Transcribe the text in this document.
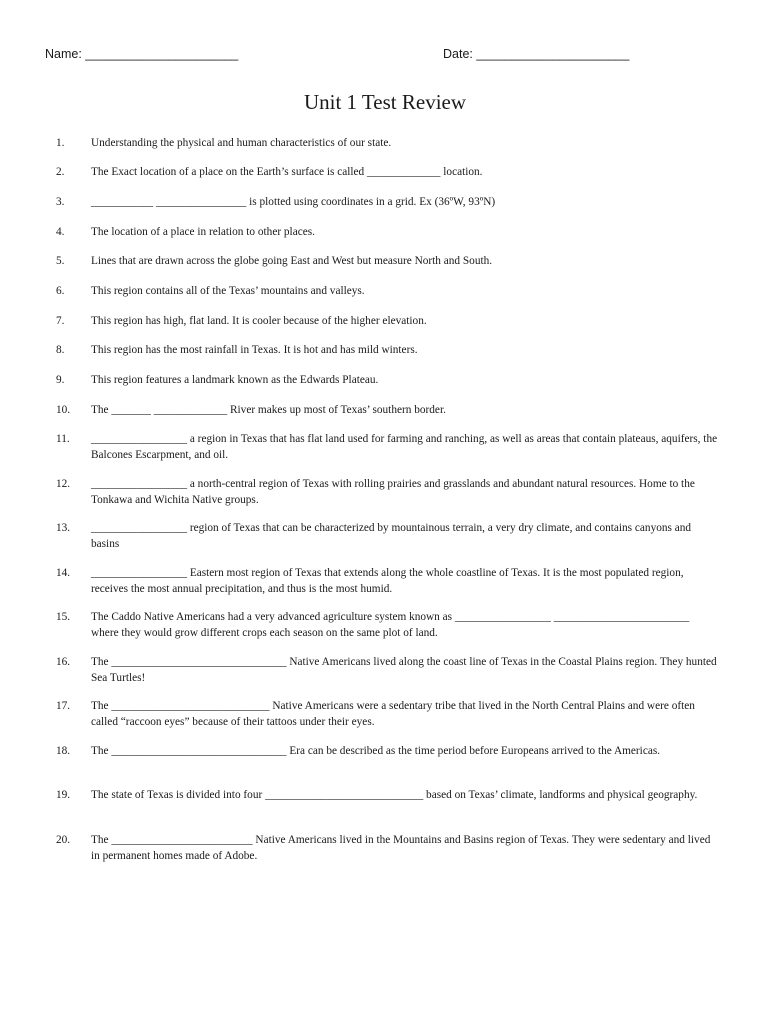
Name: ______________________	Date: ______________________
Unit 1 Test Review
1.	Understanding the physical and human characteristics of our state.
2.	The Exact location of a place on the Earth’s surface is called _____________ location.
3.	___________ ________________ is plotted using coordinates in a grid. Ex (36ºW, 93ºN)
4.	The location of a place in relation to other places.
5.	Lines that are drawn across the globe going East and West but measure North and South.
6.	This region contains all of the Texas’ mountains and valleys.
7.	This region has high, flat land. It is cooler because of the higher elevation.
8.	This region has the most rainfall in Texas. It is hot and has mild winters.
9.	This region features a landmark known as the Edwards Plateau.
10.	The _______ _____________ River makes up most of Texas’ southern border.
11.	_________________ a region in Texas that has flat land used for farming and ranching, as well as areas that contain plateaus, aquifers, the Balcones Escarpment, and oil.
12.	_________________ a north-central region of Texas with rolling prairies and grasslands and abundant natural resources. Home to the Tonkawa and Wichita Native groups.
13.	_________________ region of Texas that can be characterized by mountainous terrain, a very dry climate, and contains canyons and basins
14.	_________________ Eastern most region of Texas that extends along the whole coastline of Texas. It is the most populated region, receives the most annual precipitation, and thus is the most humid.
15.	The Caddo Native Americans had a very advanced agriculture system known as _________________ ________________________ where they would grow different crops each season on the same plot of land.
16.	The _______________________________ Native Americans lived along the coast line of Texas in the Coastal Plains region. They hunted Sea Turtles!
17.	The ____________________________ Native Americans were a sedentary tribe that lived in the North Central Plains and were often called “raccoon eyes” because of their tattoos under their eyes.
18.	The _______________________________ Era can be described as the time period before Europeans arrived to the Americas.
19.	The state of Texas is divided into four ____________________________ based on Texas’ climate, landforms and physical geography.
20.	The _________________________ Native Americans lived in the Mountains and Basins region of Texas. They were sedentary and lived in permanent homes made of Adobe.
